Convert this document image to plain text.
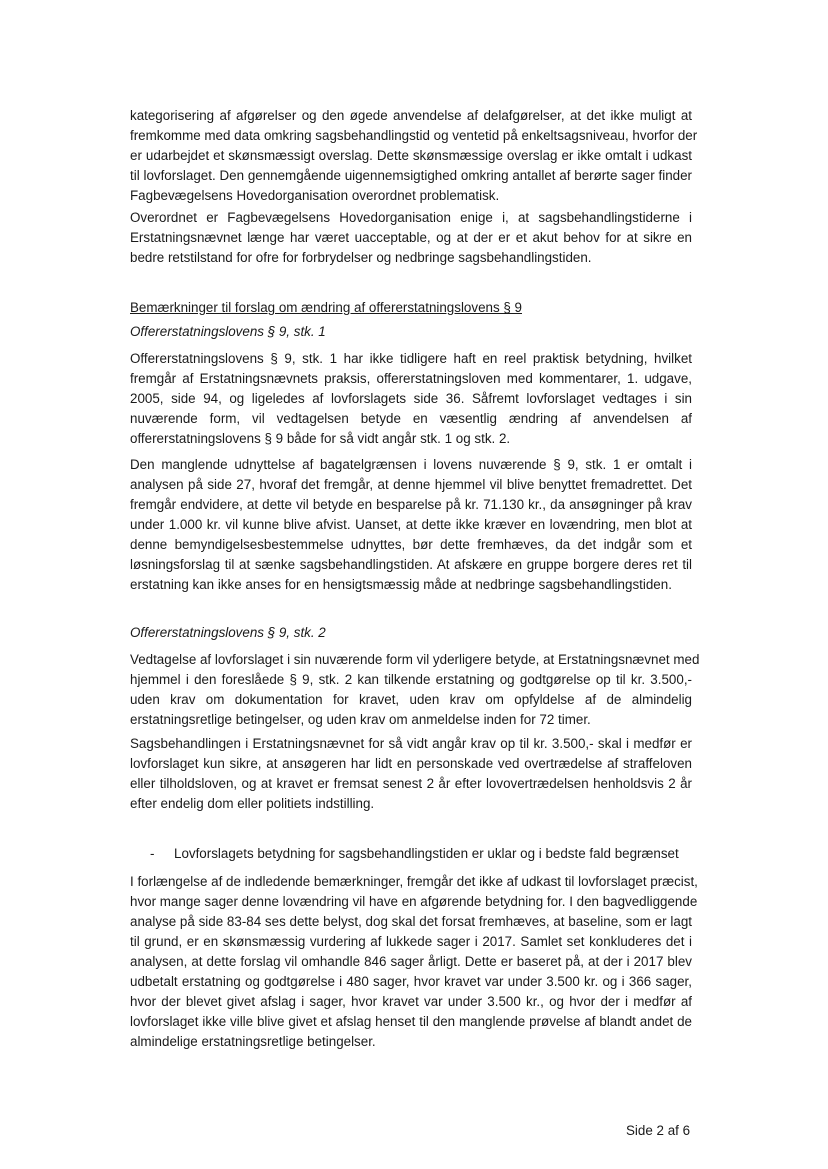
kategorisering af afgørelser og den øgede anvendelse af delafgørelser, at det ikke muligt at
fremkomme med data omkring sagsbehandlingstid og ventetid på enkeltsagsniveau, hvorfor der
er udarbejdet et skønsmæssigt overslag. Dette skønsmæssige overslag er ikke omtalt i udkast
til lovforslaget. Den gennemgående uigennemsigtighed omkring antallet af berørte sager finder
Fagbevægelsens Hovedorganisation overordnet problematisk.
Overordnet er Fagbevægelsens Hovedorganisation enige i, at sagsbehandlingstiderne i
Erstatningsnævnet længe har været uacceptable, og at der er et akut behov for at sikre en
bedre retstilstand for ofre for forbrydelser og nedbringe sagsbehandlingstiden.
Bemærkninger til forslag om ændring af offererstatningslovens § 9
Offererstatningslovens § 9, stk. 1
Offererstatningslovens § 9, stk. 1 har ikke tidligere haft en reel praktisk betydning, hvilket
fremgår af Erstatningsnævnets praksis, offererstatningsloven med kommentarer, 1. udgave,
2005, side 94, og ligeledes af lovforslagets side 36. Såfremt lovforslaget vedtages i sin
nuværende form, vil vedtagelsen betyde en væsentlig ændring af anvendelsen af
offererstatningslovens § 9 både for så vidt angår stk. 1 og stk. 2.
Den manglende udnyttelse af bagatelgrænsen i lovens nuværende § 9, stk. 1 er omtalt i
analysen på side 27, hvoraf det fremgår, at denne hjemmel vil blive benyttet fremadrettet. Det
fremgår endvidere, at dette vil betyde en besparelse på kr. 71.130 kr., da ansøgninger på krav
under 1.000 kr. vil kunne blive afvist. Uanset, at dette ikke kræver en lovændring, men blot at
denne bemyndigelsesbestemmelse udnyttes, bør dette fremhæves, da det indgår som et
løsningsforslag til at sænke sagsbehandlingstiden. At afskære en gruppe borgere deres ret til
erstatning kan ikke anses for en hensigtsmæssig måde at nedbringe sagsbehandlingstiden.
Offererstatningslovens § 9, stk. 2
Vedtagelse af lovforslaget i sin nuværende form vil yderligere betyde, at Erstatningsnævnet med
hjemmel i den foreslåede § 9, stk. 2 kan tilkende erstatning og godtgørelse op til kr. 3.500,-
uden krav om dokumentation for kravet, uden krav om opfyldelse af de almindelig
erstatningsretlige betingelser, og uden krav om anmeldelse inden for 72 timer.
Sagsbehandlingen i Erstatningsnævnet for så vidt angår krav op til kr. 3.500,- skal i medfør er
lovforslaget kun sikre, at ansøgeren har lidt en personskade ved overtrædelse af straffeloven
eller tilholdsloven, og at kravet er fremsat senest 2 år efter lovovertrædelsen henholdsvis 2 år
efter endelig dom eller politiets indstilling.
- Lovforslagets betydning for sagsbehandlingstiden er uklar og i bedste fald begrænset
I forlængelse af de indledende bemærkninger, fremgår det ikke af udkast til lovforslaget præcist,
hvor mange sager denne lovændring vil have en afgørende betydning for. I den bagvedliggende
analyse på side 83-84 ses dette belyst, dog skal det forsat fremhæves, at baseline, som er lagt
til grund, er en skønsmæssig vurdering af lukkede sager i 2017. Samlet set konkluderes det i
analysen, at dette forslag vil omhandle 846 sager årligt. Dette er baseret på, at der i 2017 blev
udbetalt erstatning og godtgørelse i 480 sager, hvor kravet var under 3.500 kr. og i 366 sager,
hvor der blevet givet afslag i sager, hvor kravet var under 3.500 kr., og hvor der i medfør af
lovforslaget ikke ville blive givet et afslag henset til den manglende prøvelse af blandt andet de
almindelige erstatningsretlige betingelser.
Side 2 af 6
